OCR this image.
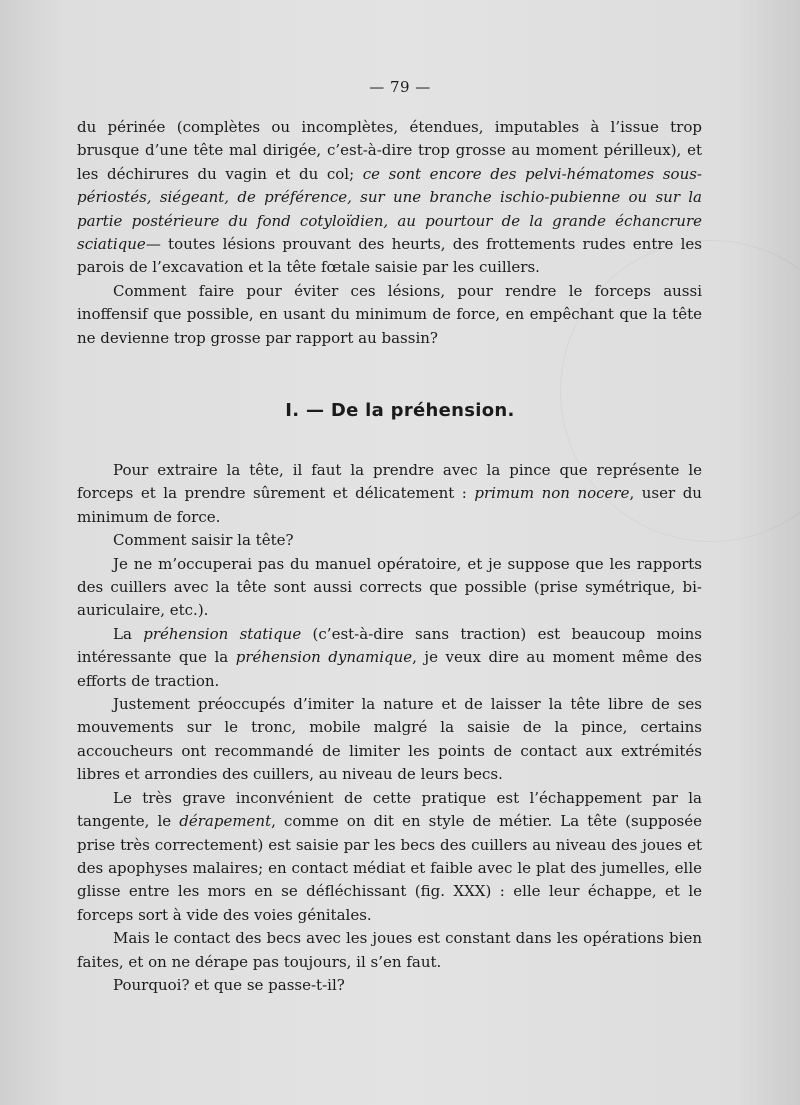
— 79 —

du périnée (complètes ou incomplètes, étendues, imputables à l’issue trop brusque d’une tête mal dirigée, c’est-à-dire trop grosse au moment périlleux), et les déchirures du vagin et du col; ce sont encore des pelvi-hématomes sous-périostés, siégeant, de préférence, sur une branche ischio-pubienne ou sur la partie postérieure du fond cotyloïdien, au pourtour de la grande échancrure sciatique— toutes lésions prouvant des heurts, des frottements rudes entre les parois de l’excavation et la tête fœtale saisie par les cuillers.

Comment faire pour éviter ces lésions, pour rendre le forceps aussi inoffensif que possible, en usant du minimum de force, en empêchant que la tête ne devienne trop grosse par rapport au bassin?

I. — De la préhension.

Pour extraire la tête, il faut la prendre avec la pince que représente le forceps et la prendre sûrement et délicatement : primum non nocere, user du minimum de force.

Comment saisir la tête?

Je ne m’occuperai pas du manuel opératoire, et je suppose que les rapports des cuillers avec la tête sont aussi corrects que possible (prise symétrique, bi-auriculaire, etc.).

La préhension statique (c’est-à-dire sans traction) est beaucoup moins intéressante que la préhension dynamique, je veux dire au moment même des efforts de traction.

Justement préoccupés d’imiter la nature et de laisser la tête libre de ses mouvements sur le tronc, mobile malgré la saisie de la pince, certains accoucheurs ont recommandé de limiter les points de contact aux extrémités libres et arrondies des cuillers, au niveau de leurs becs.

Le très grave inconvénient de cette pratique est l’échappement par la tangente, le dérapement, comme on dit en style de métier. La tête (supposée prise très correctement) est saisie par les becs des cuillers au niveau des joues et des apophyses malaires; en contact médiat et faible avec le plat des jumelles, elle glisse entre les mors en se défléchissant (fig. XXX) : elle leur échappe, et le forceps sort à vide des voies génitales.

Mais le contact des becs avec les joues est constant dans les opérations bien faites, et on ne dérape pas toujours, il s’en faut.

Pourquoi? et que se passe-t-il?
